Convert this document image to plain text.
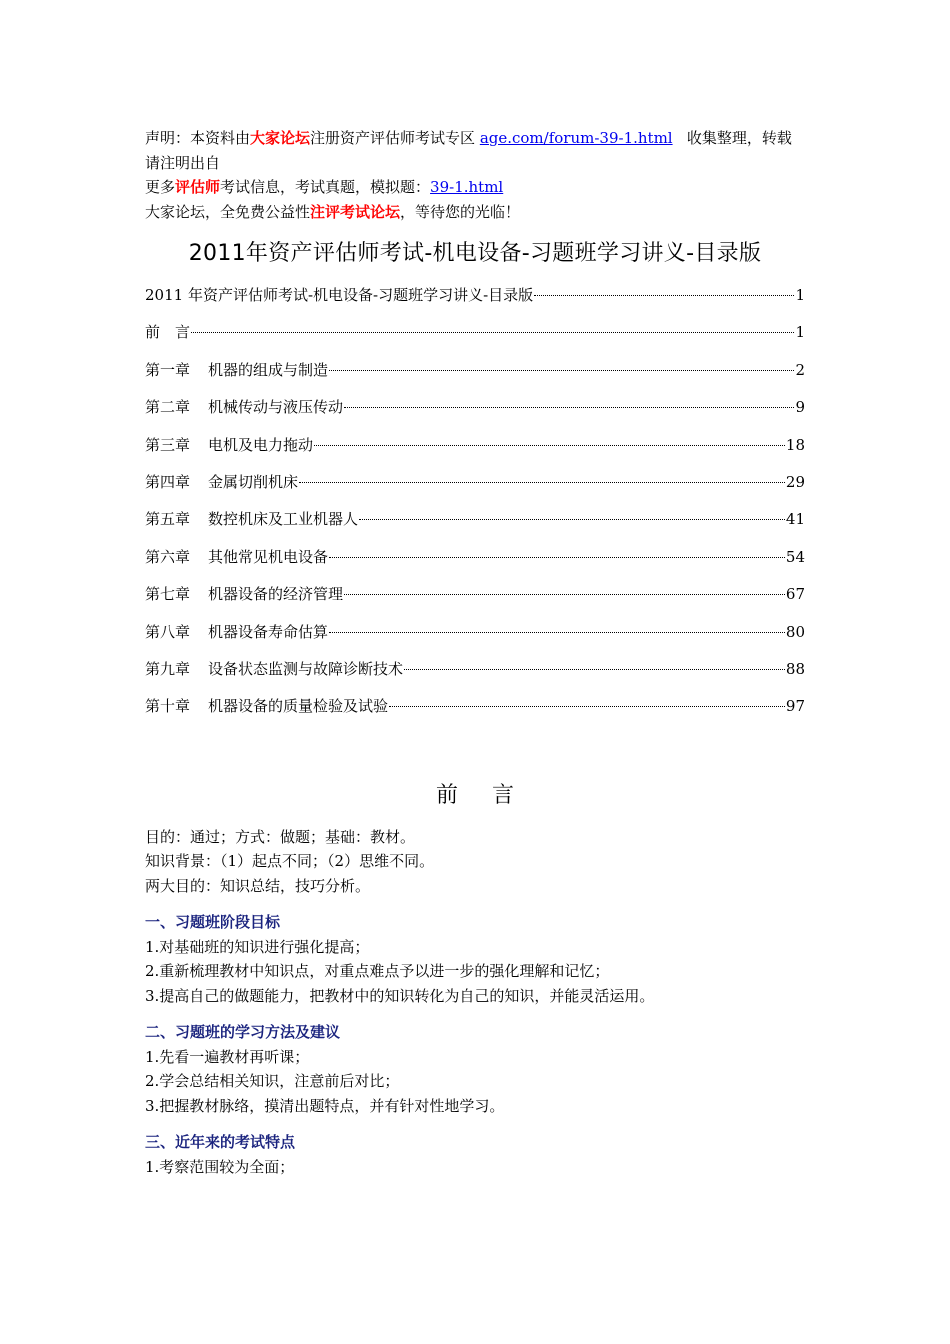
声明：本资料由大家论坛注册资产评估师考试专区 age.com/forum-39-1.html   收集整理，转载请注明出自

更多评估师考试信息，考试真题，模拟题：39-1.html

大家论坛，全免费公益性注评考试论坛，等待您的光临！

2011年资产评估师考试-机电设备-习题班学习讲义-目录版
2011 年资产评估师考试-机电设备-习题班学习讲义-目录版	1
前　言	1
第一章 机器的组成与制造	2
第二章 机械传动与液压传动	9
第三章 电机及电力拖动	18
第四章 金属切削机床	29
第五章 数控机床及工业机器人	41
第六章 其他常见机电设备	54
第七章 机器设备的经济管理	67
第八章 机器设备寿命估算	80
第九章 设备状态监测与故障诊断技术	88
第十章 机器设备的质量检验及试验	97
前言

目的：通过；方式：做题；基础：教材。

知识背景：（1）起点不同；（2）思维不同。

两大目的：知识总结，技巧分析。

一、习题班阶段目标

1.对基础班的知识进行强化提高；

2.重新梳理教材中知识点，对重点难点予以进一步的强化理解和记忆；

3.提高自己的做题能力，把教材中的知识转化为自己的知识，并能灵活运用。

二、习题班的学习方法及建议

1.先看一遍教材再听课；

2.学会总结相关知识，注意前后对比；

3.把握教材脉络，摸清出题特点，并有针对性地学习。

三、近年来的考试特点

1.考察范围较为全面；
